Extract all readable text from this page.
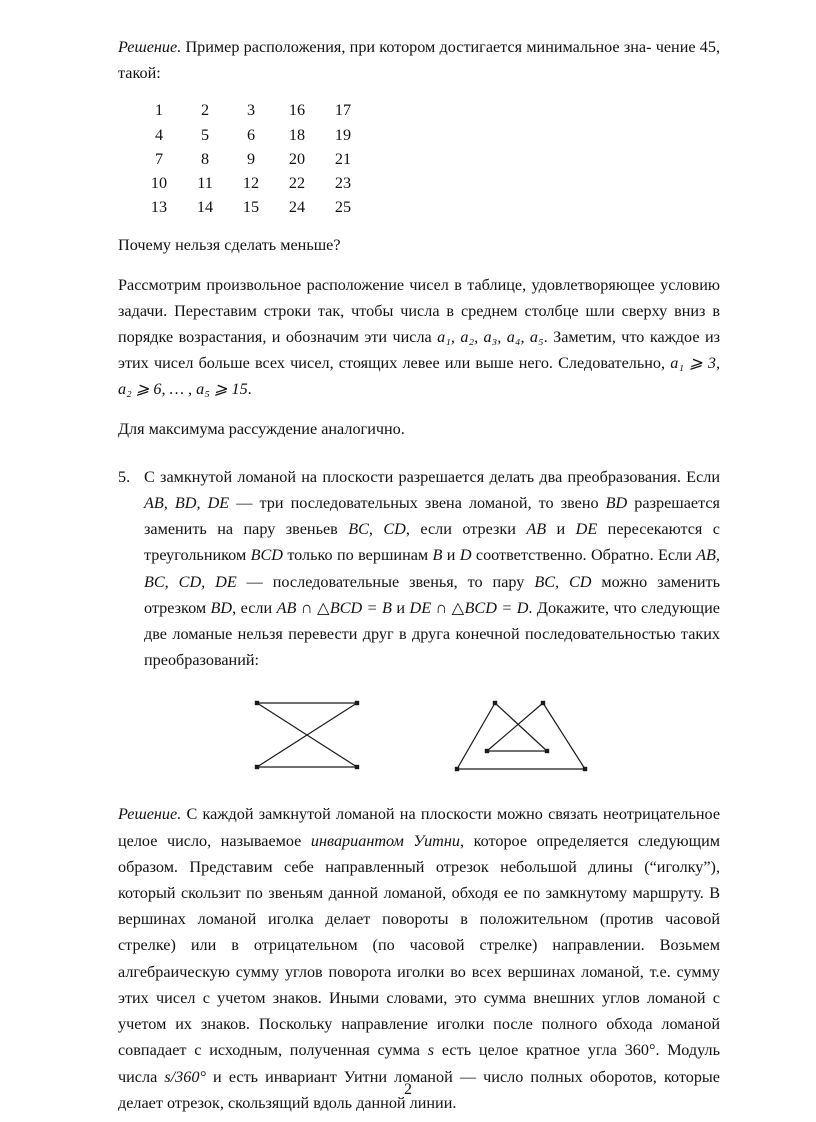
Решение. Пример расположения, при котором достигается минимальное зна- чение 45, такой:

1	2	3	16	17
4	5	6	18	19
7	8	9	20	21
10	11	12	22	23
13	14	15	24	25

Почему нельзя сделать меньше?

Рассмотрим произвольное расположение чисел в таблице, удовлетворяющее условию задачи. Переставим строки так, чтобы числа в среднем столбце шли сверху вниз в порядке возрастания, и обозначим эти числа a₁, a₂, a₃, a₄, a₅. Заметим, что каждое из этих чисел больше всех чисел, стоящих левее или выше него. Следовательно, a₁ ⩾ 3, a₂ ⩾ 6, … , a₅ ⩾ 15.

Для максимума рассуждение аналогично.

5. С замкнутой ломаной на плоскости разрешается делать два преобразования. Если AB, BD, DE — три последовательных звена ломаной, то звено BD разрешается заменить на пару звеньев BC, CD, если отрезки AB и DE пересекаются с треугольником BCD только по вершинам B и D соответственно. Обратно. Если AB, BC, CD, DE — последовательные звенья, то пару BC, CD можно заменить отрезком BD, если AB ∩ △BCD = B и DE ∩ △BCD = D. Докажите, что следующие две ломаные нельзя перевести друг в друга конечной последовательностью таких преобразований:

Решение. С каждой замкнутой ломаной на плоскости можно связать неотрицательное целое число, называемое инвариантом Уитни, которое определяется следующим образом. Представим себе направленный отрезок небольшой длины (“иголку”), который скользит по звеньям данной ломаной, обходя ее по замкнутому маршруту. В вершинах ломаной иголка делает повороты в положительном (против часовой стрелке) или в отрицательном (по часовой стрелке) направлении. Возьмем алгебраическую сумму углов поворота иголки во всех вершинах ломаной, т.е. сумму этих чисел с учетом знаков. Иными словами, это сумма внешних углов ломаной с учетом их знаков. Поскольку направление иголки после полного обхода ломаной совпадает с исходным, полученная сумма s есть целое кратное угла 360°. Модуль числа s/360° и есть инвариант Уитни ломаной — число полных оборотов, которые делает отрезок, скользящий вдоль данной линии.

2
